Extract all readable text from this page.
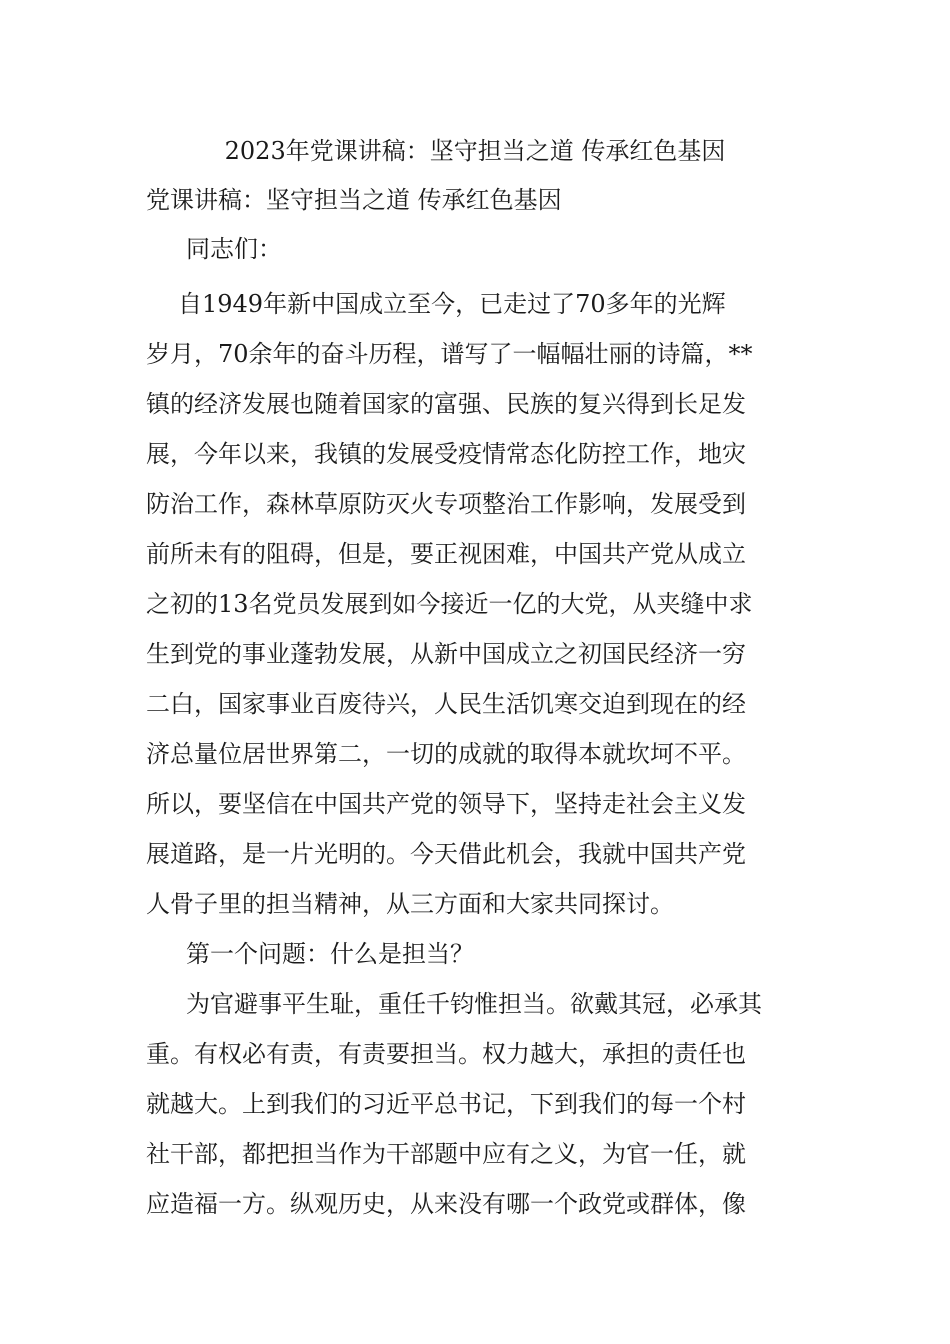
2023年党课讲稿：坚守担当之道 传承红色基因
党课讲稿：坚守担当之道 传承红色基因
同志们：
自1949年新中国成立至今，已走过了70多年的光辉
岁月，70余年的奋斗历程，谱写了一幅幅壮丽的诗篇，**
镇的经济发展也随着国家的富强、民族的复兴得到长足发
展，今年以来，我镇的发展受疫情常态化防控工作，地灾
防治工作，森林草原防灭火专项整治工作影响，发展受到
前所未有的阻碍，但是，要正视困难，中国共产党从成立
之初的13名党员发展到如今接近一亿的大党，从夹缝中求
生到党的事业蓬勃发展，从新中国成立之初国民经济一穷
二白，国家事业百废待兴，人民生活饥寒交迫到现在的经
济总量位居世界第二，一切的成就的取得本就坎坷不平。
所以，要坚信在中国共产党的领导下，坚持走社会主义发
展道路，是一片光明的。今天借此机会，我就中国共产党
人骨子里的担当精神，从三方面和大家共同探讨。
第一个问题：什么是担当？
为官避事平生耻，重任千钧惟担当。欲戴其冠，必承其
重。有权必有责，有责要担当。权力越大，承担的责任也
就越大。上到我们的习近平总书记，下到我们的每一个村
社干部，都把担当作为干部题中应有之义，为官一任，就
应造福一方。纵观历史，从来没有哪一个政党或群体，像
